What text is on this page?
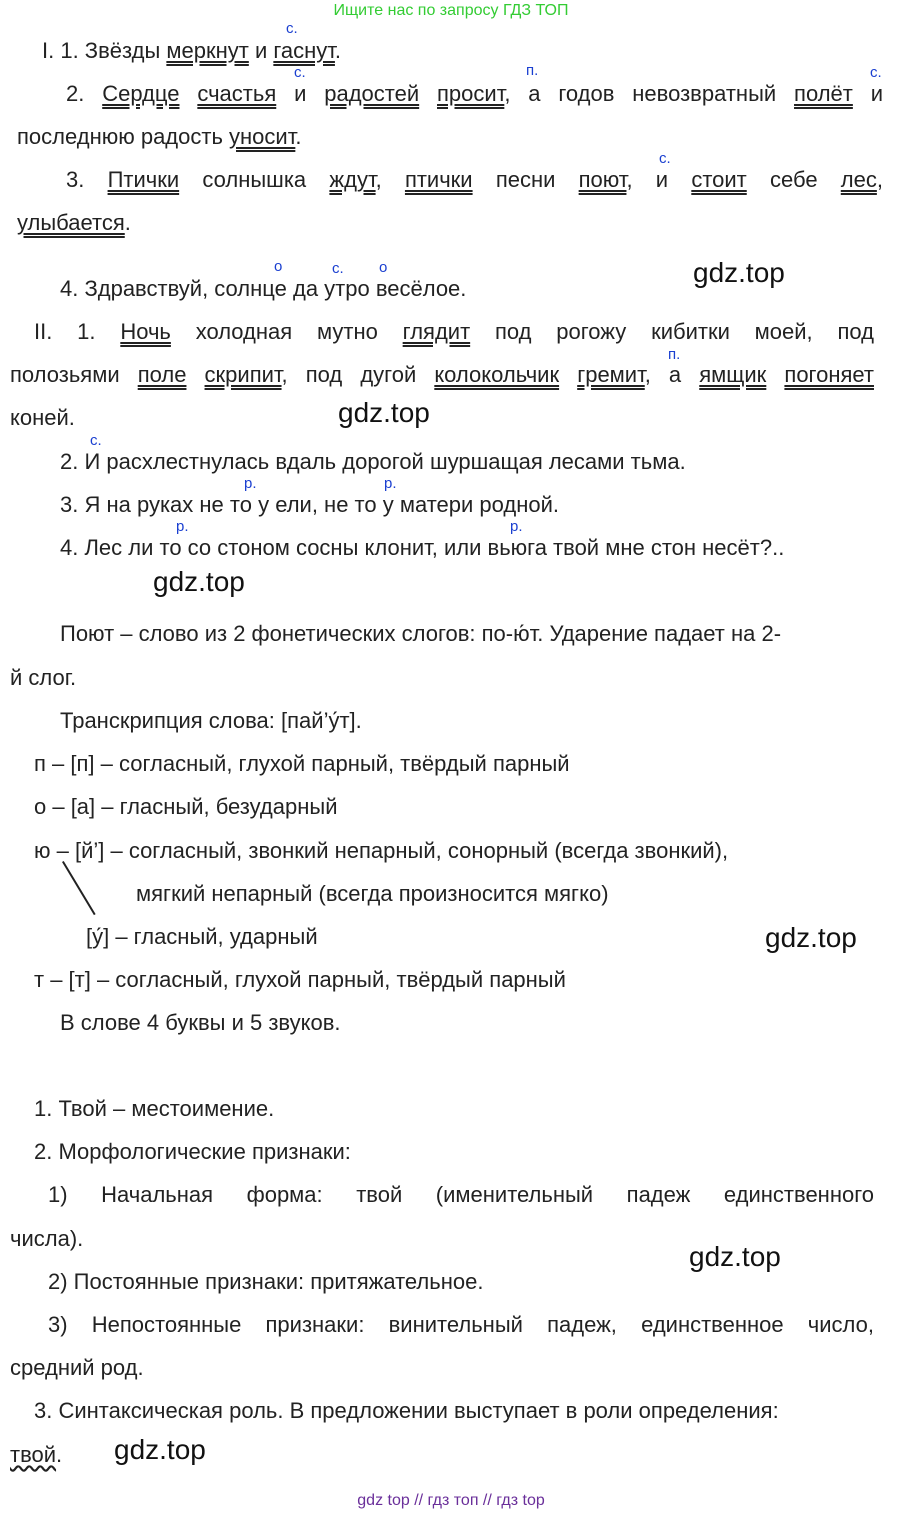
Ищите нас по запросу ГДЗ ТОП
I. 1. Звёзды меркнут и гаснут.
с.
2. Сердце счастья и радостей просит, а годов невозвратный полёт и
с.	п.	с.
последнюю радость уносит.
3. Птички солнышка ждут, птички песни поют, и стоит себе лес,
с.
улыбается.
4. Здравствуй, солнце да утро весёлое.
о	с. о	gdz.top
II. 1. Ночь холодная мутно глядит под рогожу кибитки моей, под
полозьями поле скрипит, под дугой колокольчик гремит, а ямщик погоняет
п.
коней.	gdz.top
2. И расхлестнулась вдаль дорогой шуршащая лесами тьма.
с.
3. Я на руках не то у ели, не то у матери родной.
р.	р.
4. Лес ли то со стоном сосны клонит, или вьюга твой мне стон несёт?..
р.	р.
gdz.top
Поют – слово из 2 фонетических слогов: по-ю́т. Ударение падает на 2-
й слог.
Транскрипция слова: [пай’у́т].
п – [п] – согласный, глухой парный, твёрдый парный
о – [а] – гласный, безударный
ю – [й’] – согласный, звонкий непарный, сонорный (всегда звонкий),
мягкий непарный (всегда произносится мягко)
[у́] – гласный, ударный	gdz.top
т – [т] – согласный, глухой парный, твёрдый парный
В слове 4 буквы и 5 звуков.
1. Твой – местоимение.
2. Морфологические признаки:
1) Начальная форма: твой (именительный падеж единственного
числа).
gdz.top
2) Постоянные признаки: притяжательное.
3) Непостоянные признаки: винительный падеж, единственное число,
средний род.
3. Синтаксическая роль. В предложении выступает в роли определения:
твой. gdz.top
gdz top // гдз топ // гдз top
